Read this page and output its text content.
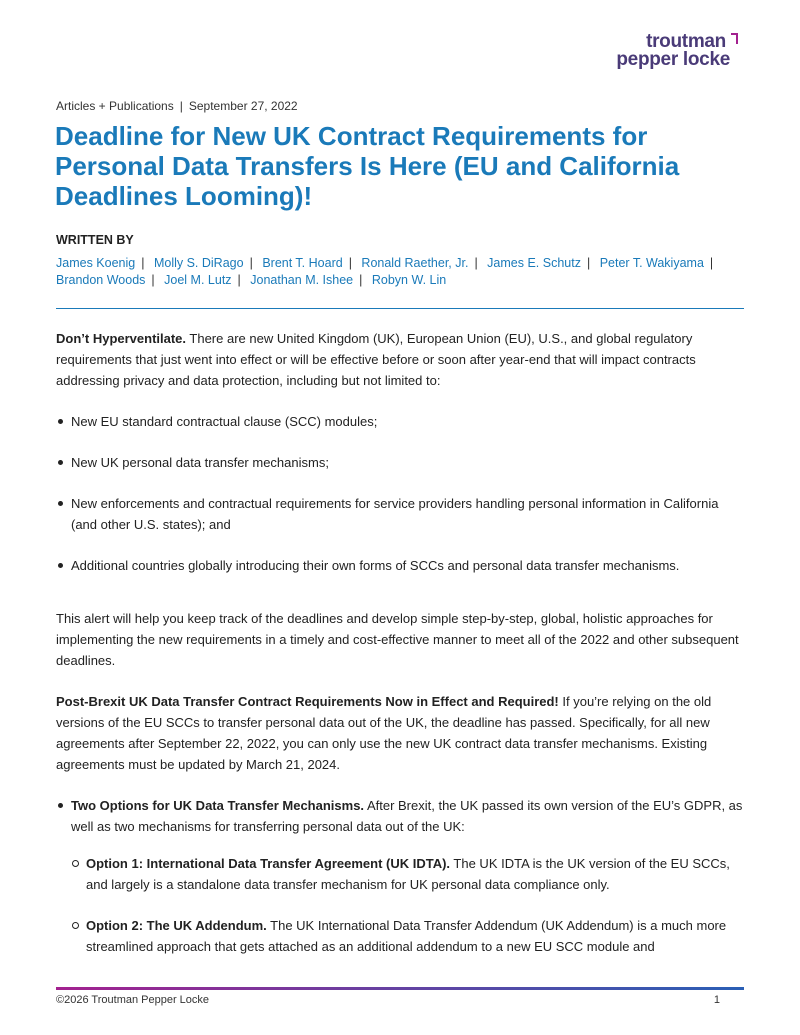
troutman
pepper locke
Articles + Publications | September 27, 2022
Deadline for New UK Contract Requirements for Personal Data Transfers Is Here (EU and California Deadlines Looming)!
WRITTEN BY
James Koenig | Molly S. DiRago | Brent T. Hoard | Ronald Raether, Jr. | James E. Schutz | Peter T. Wakiyama | Brandon Woods | Joel M. Lutz | Jonathan M. Ishee | Robyn W. Lin

Don’t Hyperventilate. There are new United Kingdom (UK), European Union (EU), U.S., and global regulatory requirements that just went into effect or will be effective before or soon after year-end that will impact contracts addressing privacy and data protection, including but not limited to:

New EU standard contractual clause (SCC) modules;
New UK personal data transfer mechanisms;
New enforcements and contractual requirements for service providers handling personal information in California (and other U.S. states); and
Additional countries globally introducing their own forms of SCCs and personal data transfer mechanisms.

This alert will help you keep track of the deadlines and develop simple step-by-step, global, holistic approaches for implementing the new requirements in a timely and cost-effective manner to meet all of the 2022 and other subsequent deadlines.

Post-Brexit UK Data Transfer Contract Requirements Now in Effect and Required! If you’re relying on the old versions of the EU SCCs to transfer personal data out of the UK, the deadline has passed. Specifically, for all new agreements after September 22, 2022, you can only use the new UK contract data transfer mechanisms. Existing agreements must be updated by March 21, 2024.

Two Options for UK Data Transfer Mechanisms. After Brexit, the UK passed its own version of the EU’s GDPR, as well as two mechanisms for transferring personal data out of the UK:
Option 1: International Data Transfer Agreement (UK IDTA). The UK IDTA is the UK version of the EU SCCs, and largely is a standalone data transfer mechanism for UK personal data compliance only.
Option 2: The UK Addendum. The UK International Data Transfer Addendum (UK Addendum) is a much more streamlined approach that gets attached as an additional addendum to a new EU SCC module and
©2026 Troutman Pepper Locke	1
